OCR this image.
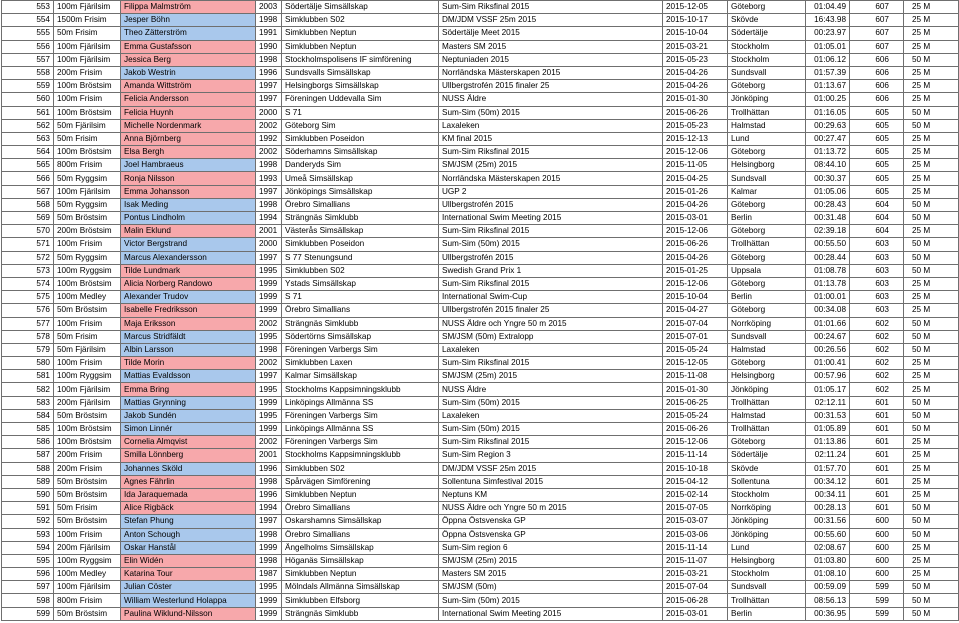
553	100m Fjärilsim	Filippa Malmström	2003	Södertälje Simsällskap	Sum-Sim Riksfinal 2015	2015-12-05	Göteborg	01:04.49	607	25 M
554	1500m Frisim	Jesper Böhn	1998	Simklubben S02	DM/JDM VSSF 25m 2015	2015-10-17	Skövde	16:43.98	607	25 M
555	50m Frisim	Theo Zätterström	1991	Simklubben Neptun	Södertälje Meet 2015	2015-10-04	Södertälje	00:23.97	607	25 M
556	100m Fjärilsim	Emma Gustafsson	1990	Simklubben Neptun	Masters SM 2015	2015-03-21	Stockholm	01:05.01	607	25 M
557	100m Fjärilsim	Jessica Berg	1998	Stockholmspolisens IF simförening	Neptuniaden 2015	2015-05-23	Stockholm	01:06.12	606	50 M
558	200m Frisim	Jakob Westrin	1996	Sundsvalls Simsällskap	Norrländska Mästerskapen 2015	2015-04-26	Sundsvall	01:57.39	606	25 M
559	100m Bröstsim	Amanda Wittström	1997	Helsingborgs Simsällskap	Ullbergstrofén 2015 finaler 25	2015-04-26	Göteborg	01:13.67	606	25 M
560	100m Frisim	Felicia Andersson	1997	Föreningen Uddevalla Sim	NUSS Äldre	2015-01-30	Jönköping	01:00.25	606	25 M
561	100m Bröstsim	Felicia Huynh	2000	S 71	Sum-Sim (50m) 2015	2015-06-26	Trollhättan	01:16.05	605	50 M
562	50m Fjärilsim	Michelle Nordenmark	2002	Göteborg Sim	Laxaleken	2015-05-23	Halmstad	00:29.63	605	50 M
563	50m Frisim	Anna Björnberg	1992	Simklubben Poseidon	KM final 2015	2015-12-13	Lund	00:27.47	605	25 M
564	100m Bröstsim	Elsa Bergh	2002	Söderhamns Simsällskap	Sum-Sim Riksfinal 2015	2015-12-06	Göteborg	01:13.72	605	25 M
565	800m Frisim	Joel Hambraeus	1998	Danderyds Sim	SM/JSM (25m) 2015	2015-11-05	Helsingborg	08:44.10	605	25 M
566	50m Ryggsim	Ronja Nilsson	1993	Umeå Simsällskap	Norrländska Mästerskapen 2015	2015-04-25	Sundsvall	00:30.37	605	25 M
567	100m Fjärilsim	Emma Johansson	1997	Jönköpings Simsällskap	UGP 2	2015-01-26	Kalmar	01:05.06	605	25 M
568	50m Ryggsim	Isak Meding	1998	Örebro Simallians	Ullbergstrofén 2015	2015-04-26	Göteborg	00:28.43	604	50 M
569	50m Bröstsim	Pontus Lindholm	1994	Strängnäs Simklubb	International Swim Meeting 2015	2015-03-01	Berlin	00:31.48	604	50 M
570	200m Bröstsim	Malin Eklund	2001	Västerås Simsällskap	Sum-Sim Riksfinal 2015	2015-12-06	Göteborg	02:39.18	604	25 M
571	100m Frisim	Victor Bergstrand	2000	Simklubben Poseidon	Sum-Sim (50m) 2015	2015-06-26	Trollhättan	00:55.50	603	50 M
572	50m Ryggsim	Marcus Alexandersson	1997	S 77 Stenungsund	Ullbergstrofén 2015	2015-04-26	Göteborg	00:28.44	603	50 M
573	100m Ryggsim	Tilde Lundmark	1995	Simklubben S02	Swedish Grand Prix 1	2015-01-25	Uppsala	01:08.78	603	50 M
574	100m Bröstsim	Alicia Norberg Randowo	1999	Ystads Simsällskap	Sum-Sim Riksfinal 2015	2015-12-06	Göteborg	01:13.78	603	25 M
575	100m Medley	Alexander Trudov	1999	S 71	International Swim-Cup	2015-10-04	Berlin	01:00.01	603	25 M
576	50m Bröstsim	Isabelle Fredriksson	1999	Örebro Simallians	Ullbergstrofén 2015 finaler 25	2015-04-27	Göteborg	00:34.08	603	25 M
577	100m Frisim	Maja Eriksson	2002	Strängnäs Simklubb	NUSS Äldre och Yngre 50 m 2015	2015-07-04	Norrköping	01:01.66	602	50 M
578	50m Frisim	Marcus Stridfäldt	1995	Södertörns Simsällskap	SM/JSM (50m) Extralopp	2015-07-01	Sundsvall	00:24.67	602	50 M
579	50m Fjärilsim	Albin Larsson	1998	Föreningen Varbergs Sim	Laxaleken	2015-05-24	Halmstad	00:26.56	602	50 M
580	100m Frisim	Tilde Morin	2002	Simklubben Laxen	Sum-Sim Riksfinal 2015	2015-12-05	Göteborg	01:00.41	602	25 M
581	100m Ryggsim	Mattias Evaldsson	1997	Kalmar Simsällskap	SM/JSM (25m) 2015	2015-11-08	Helsingborg	00:57.96	602	25 M
582	100m Fjärilsim	Emma Bring	1995	Stockholms Kappsimningsklubb	NUSS Äldre	2015-01-30	Jönköping	01:05.17	602	25 M
583	200m Fjärilsim	Mattias Grynning	1999	Linköpings Allmänna SS	Sum-Sim (50m) 2015	2015-06-25	Trollhättan	02:12.11	601	50 M
584	50m Bröstsim	Jakob Sundén	1995	Föreningen Varbergs Sim	Laxaleken	2015-05-24	Halmstad	00:31.53	601	50 M
585	100m Bröstsim	Simon Linnér	1999	Linköpings Allmänna SS	Sum-Sim (50m) 2015	2015-06-26	Trollhättan	01:05.89	601	50 M
586	100m Bröstsim	Cornelia Almqvist	2002	Föreningen Varbergs Sim	Sum-Sim Riksfinal 2015	2015-12-06	Göteborg	01:13.86	601	25 M
587	200m Frisim	Smilla Lönnberg	2001	Stockholms Kappsimningsklubb	Sum-Sim Region 3	2015-11-14	Södertälje	02:11.24	601	25 M
588	200m Frisim	Johannes Sköld	1996	Simklubben S02	DM/JDM VSSF 25m 2015	2015-10-18	Skövde	01:57.70	601	25 M
589	50m Bröstsim	Agnes Fährlin	1998	Spårvägen Simförening	Sollentuna Simfestival 2015	2015-04-12	Sollentuna	00:34.12	601	25 M
590	50m Bröstsim	Ida Jaraquemada	1996	Simklubben Neptun	Neptuns KM	2015-02-14	Stockholm	00:34.11	601	25 M
591	50m Frisim	Alice Rigbäck	1994	Örebro Simallians	NUSS Äldre och Yngre 50 m 2015	2015-07-05	Norrköping	00:28.13	601	50 M
592	50m Bröstsim	Stefan Phung	1997	Oskarshamns Simsällskap	Öppna Östsvenska GP	2015-03-07	Jönköping	00:31.56	600	50 M
593	100m Frisim	Anton Schough	1998	Örebro Simallians	Öppna Östsvenska GP	2015-03-06	Jönköping	00:55.60	600	50 M
594	200m Fjärilsim	Oskar Hanstål	1999	Ängelholms Simsällskap	Sum-Sim region 6	2015-11-14	Lund	02:08.67	600	25 M
595	100m Ryggsim	Elin Widén	1998	Höganäs Simsällskap	SM/JSM (25m) 2015	2015-11-07	Helsingborg	01:03.80	600	25 M
596	100m Medley	Katarina Tour	1987	Simklubben Neptun	Masters SM 2015	2015-03-21	Stockholm	01:08.10	600	25 M
597	100m Fjärilsim	Julian Cöster	1995	Mölndals Allmänna Simsällskap	SM/JSM (50m)	2015-07-04	Sundsvall	00:59.09	599	50 M
598	800m Frisim	William Westerlund Holappa	1999	Simklubben Elfsborg	Sum-Sim (50m) 2015	2015-06-28	Trollhättan	08:56.13	599	50 M
599	50m Bröstsim	Paulina Wiklund-Nilsson	1999	Strängnäs Simklubb	International Swim Meeting 2015	2015-03-01	Berlin	00:36.95	599	50 M
